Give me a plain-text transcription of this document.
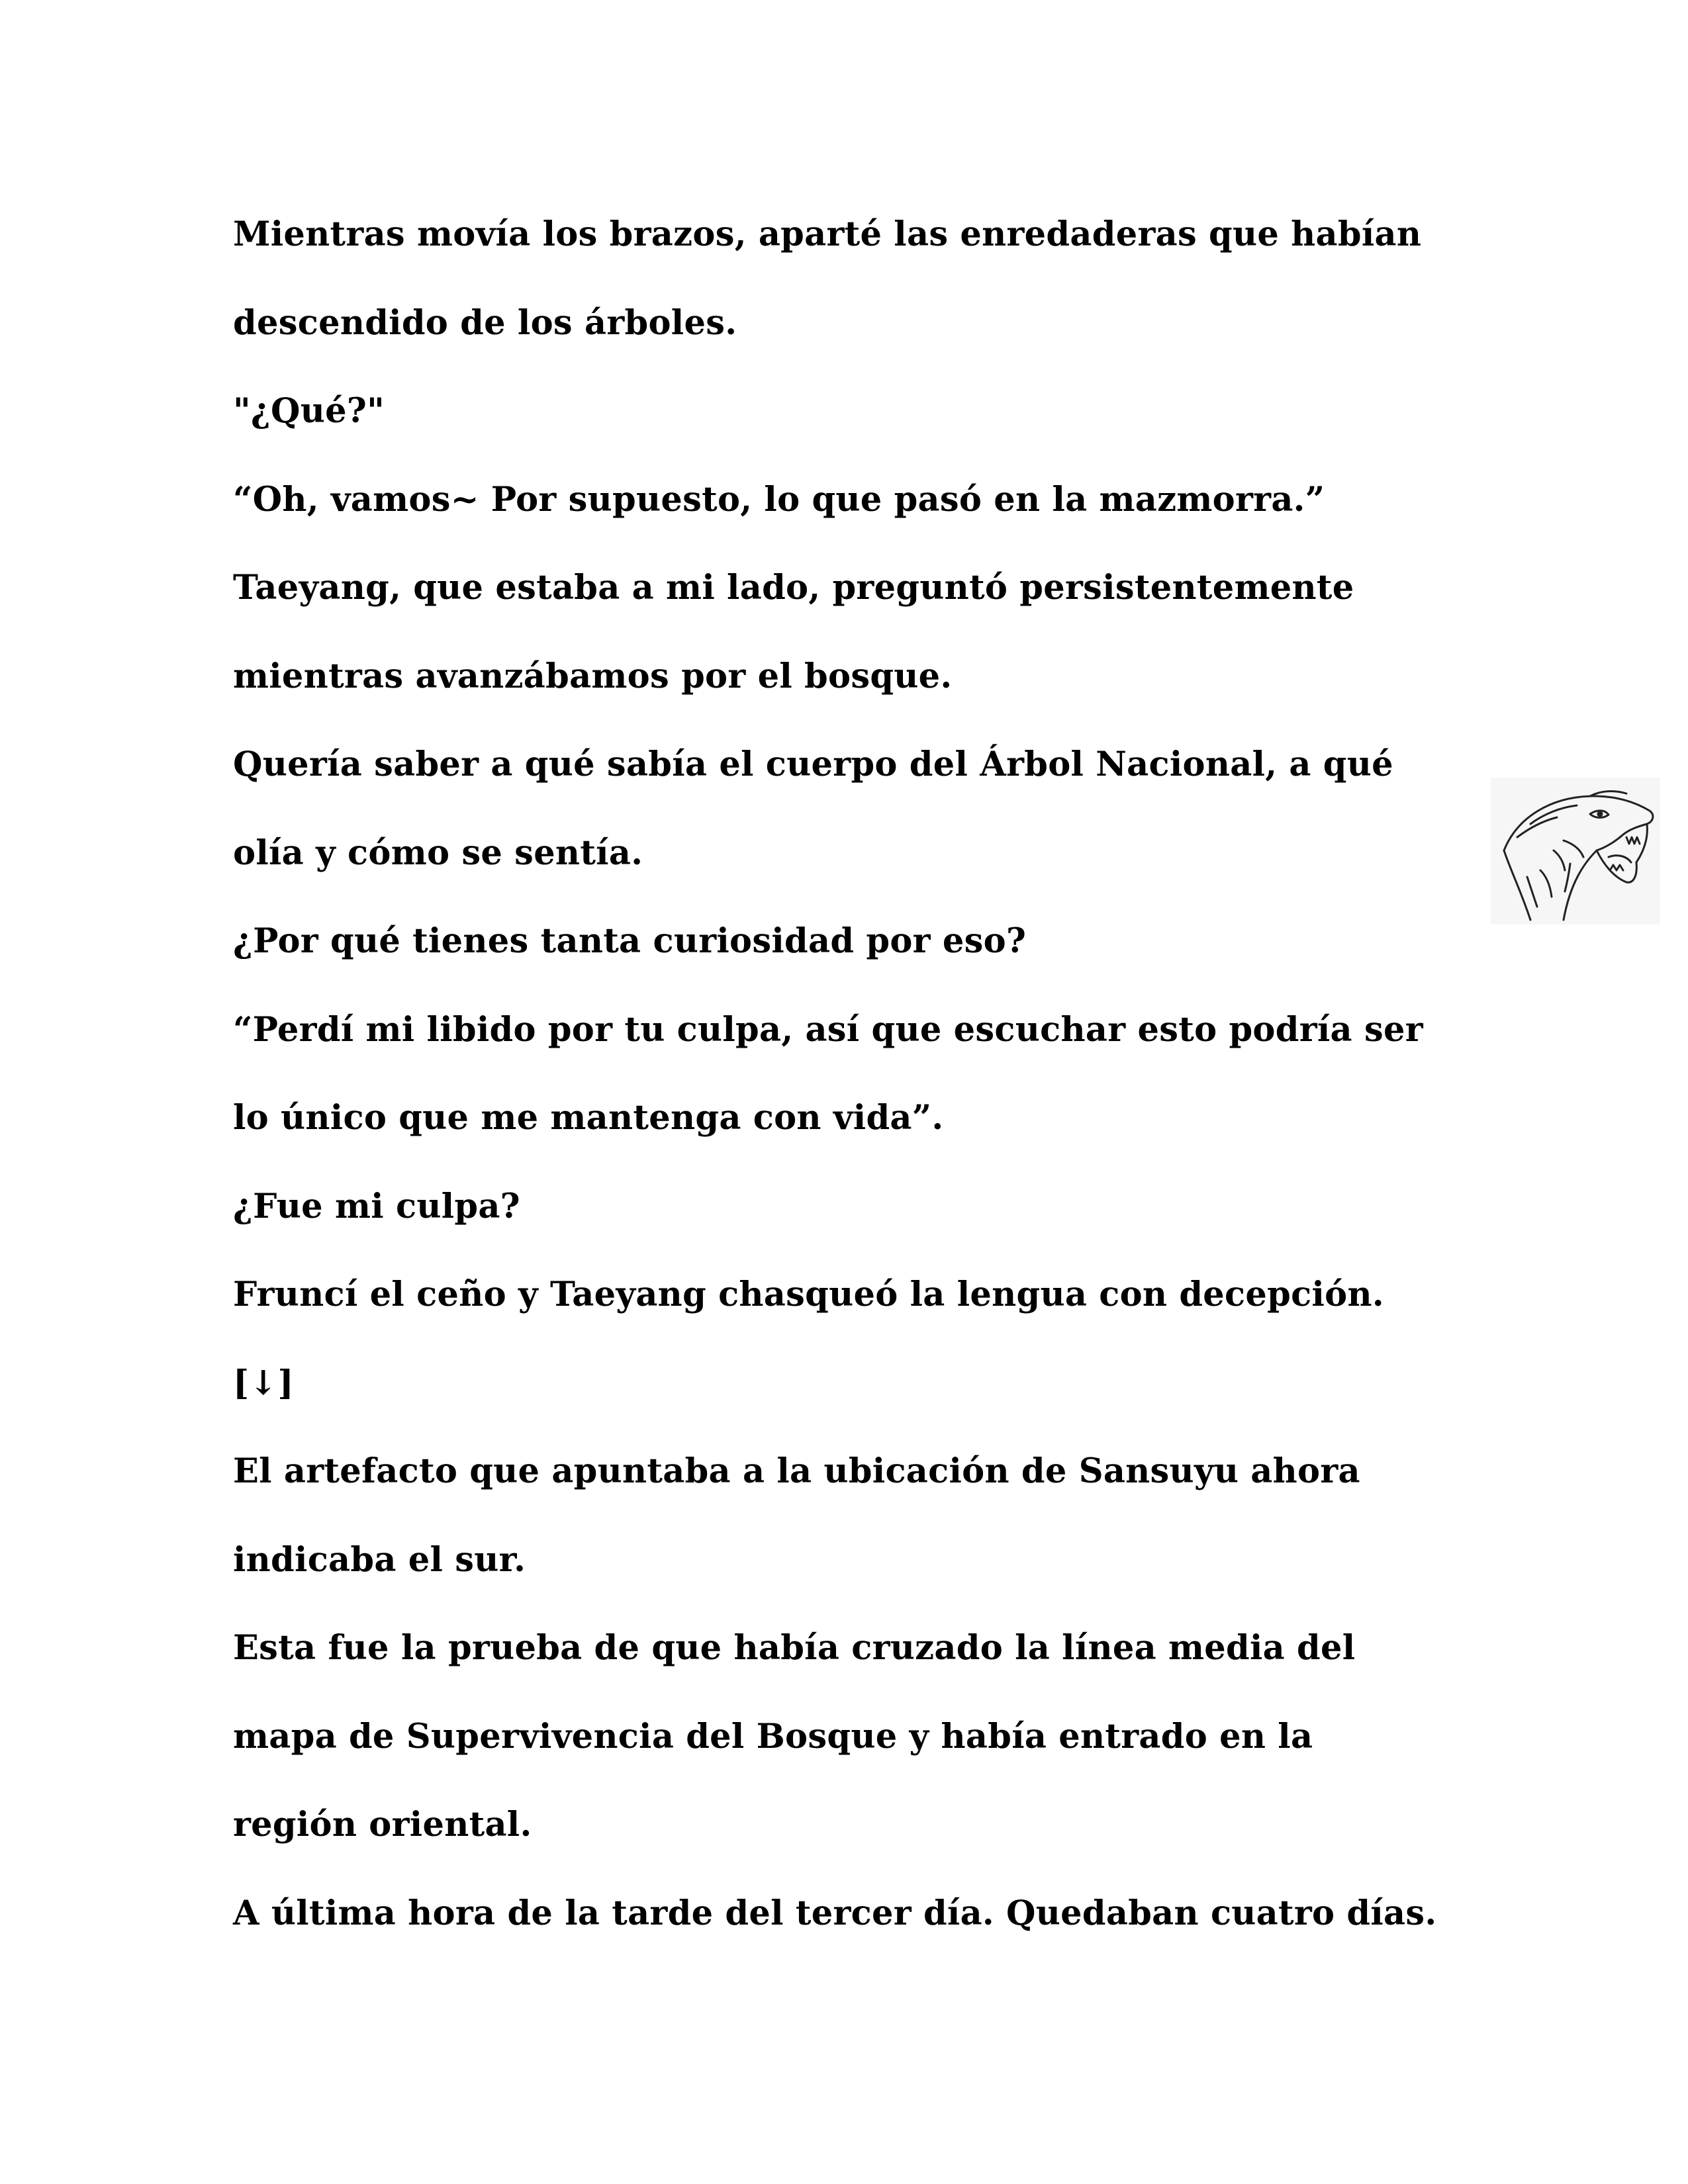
Mientras movía los brazos, aparté las enredaderas que habían
descendido de los árboles.
"¿Qué?"
“Oh, vamos~ Por supuesto, lo que pasó en la mazmorra.”
Taeyang, que estaba a mi lado, preguntó persistentemente
mientras avanzábamos por el bosque.
Quería saber a qué sabía el cuerpo del Árbol Nacional, a qué
olía y cómo se sentía.
¿Por qué tienes tanta curiosidad por eso?
“Perdí mi libido por tu culpa, así que escuchar esto podría ser
lo único que me mantenga con vida”.
¿Fue mi culpa?
Fruncí el ceño y Taeyang chasqueó la lengua con decepción.
[↓]
El artefacto que apuntaba a la ubicación de Sansuyu ahora
indicaba el sur.
Esta fue la prueba de que había cruzado la línea media del
mapa de Supervivencia del Bosque y había entrado en la
región oriental.
A última hora de la tarde del tercer día. Quedaban cuatro días.
